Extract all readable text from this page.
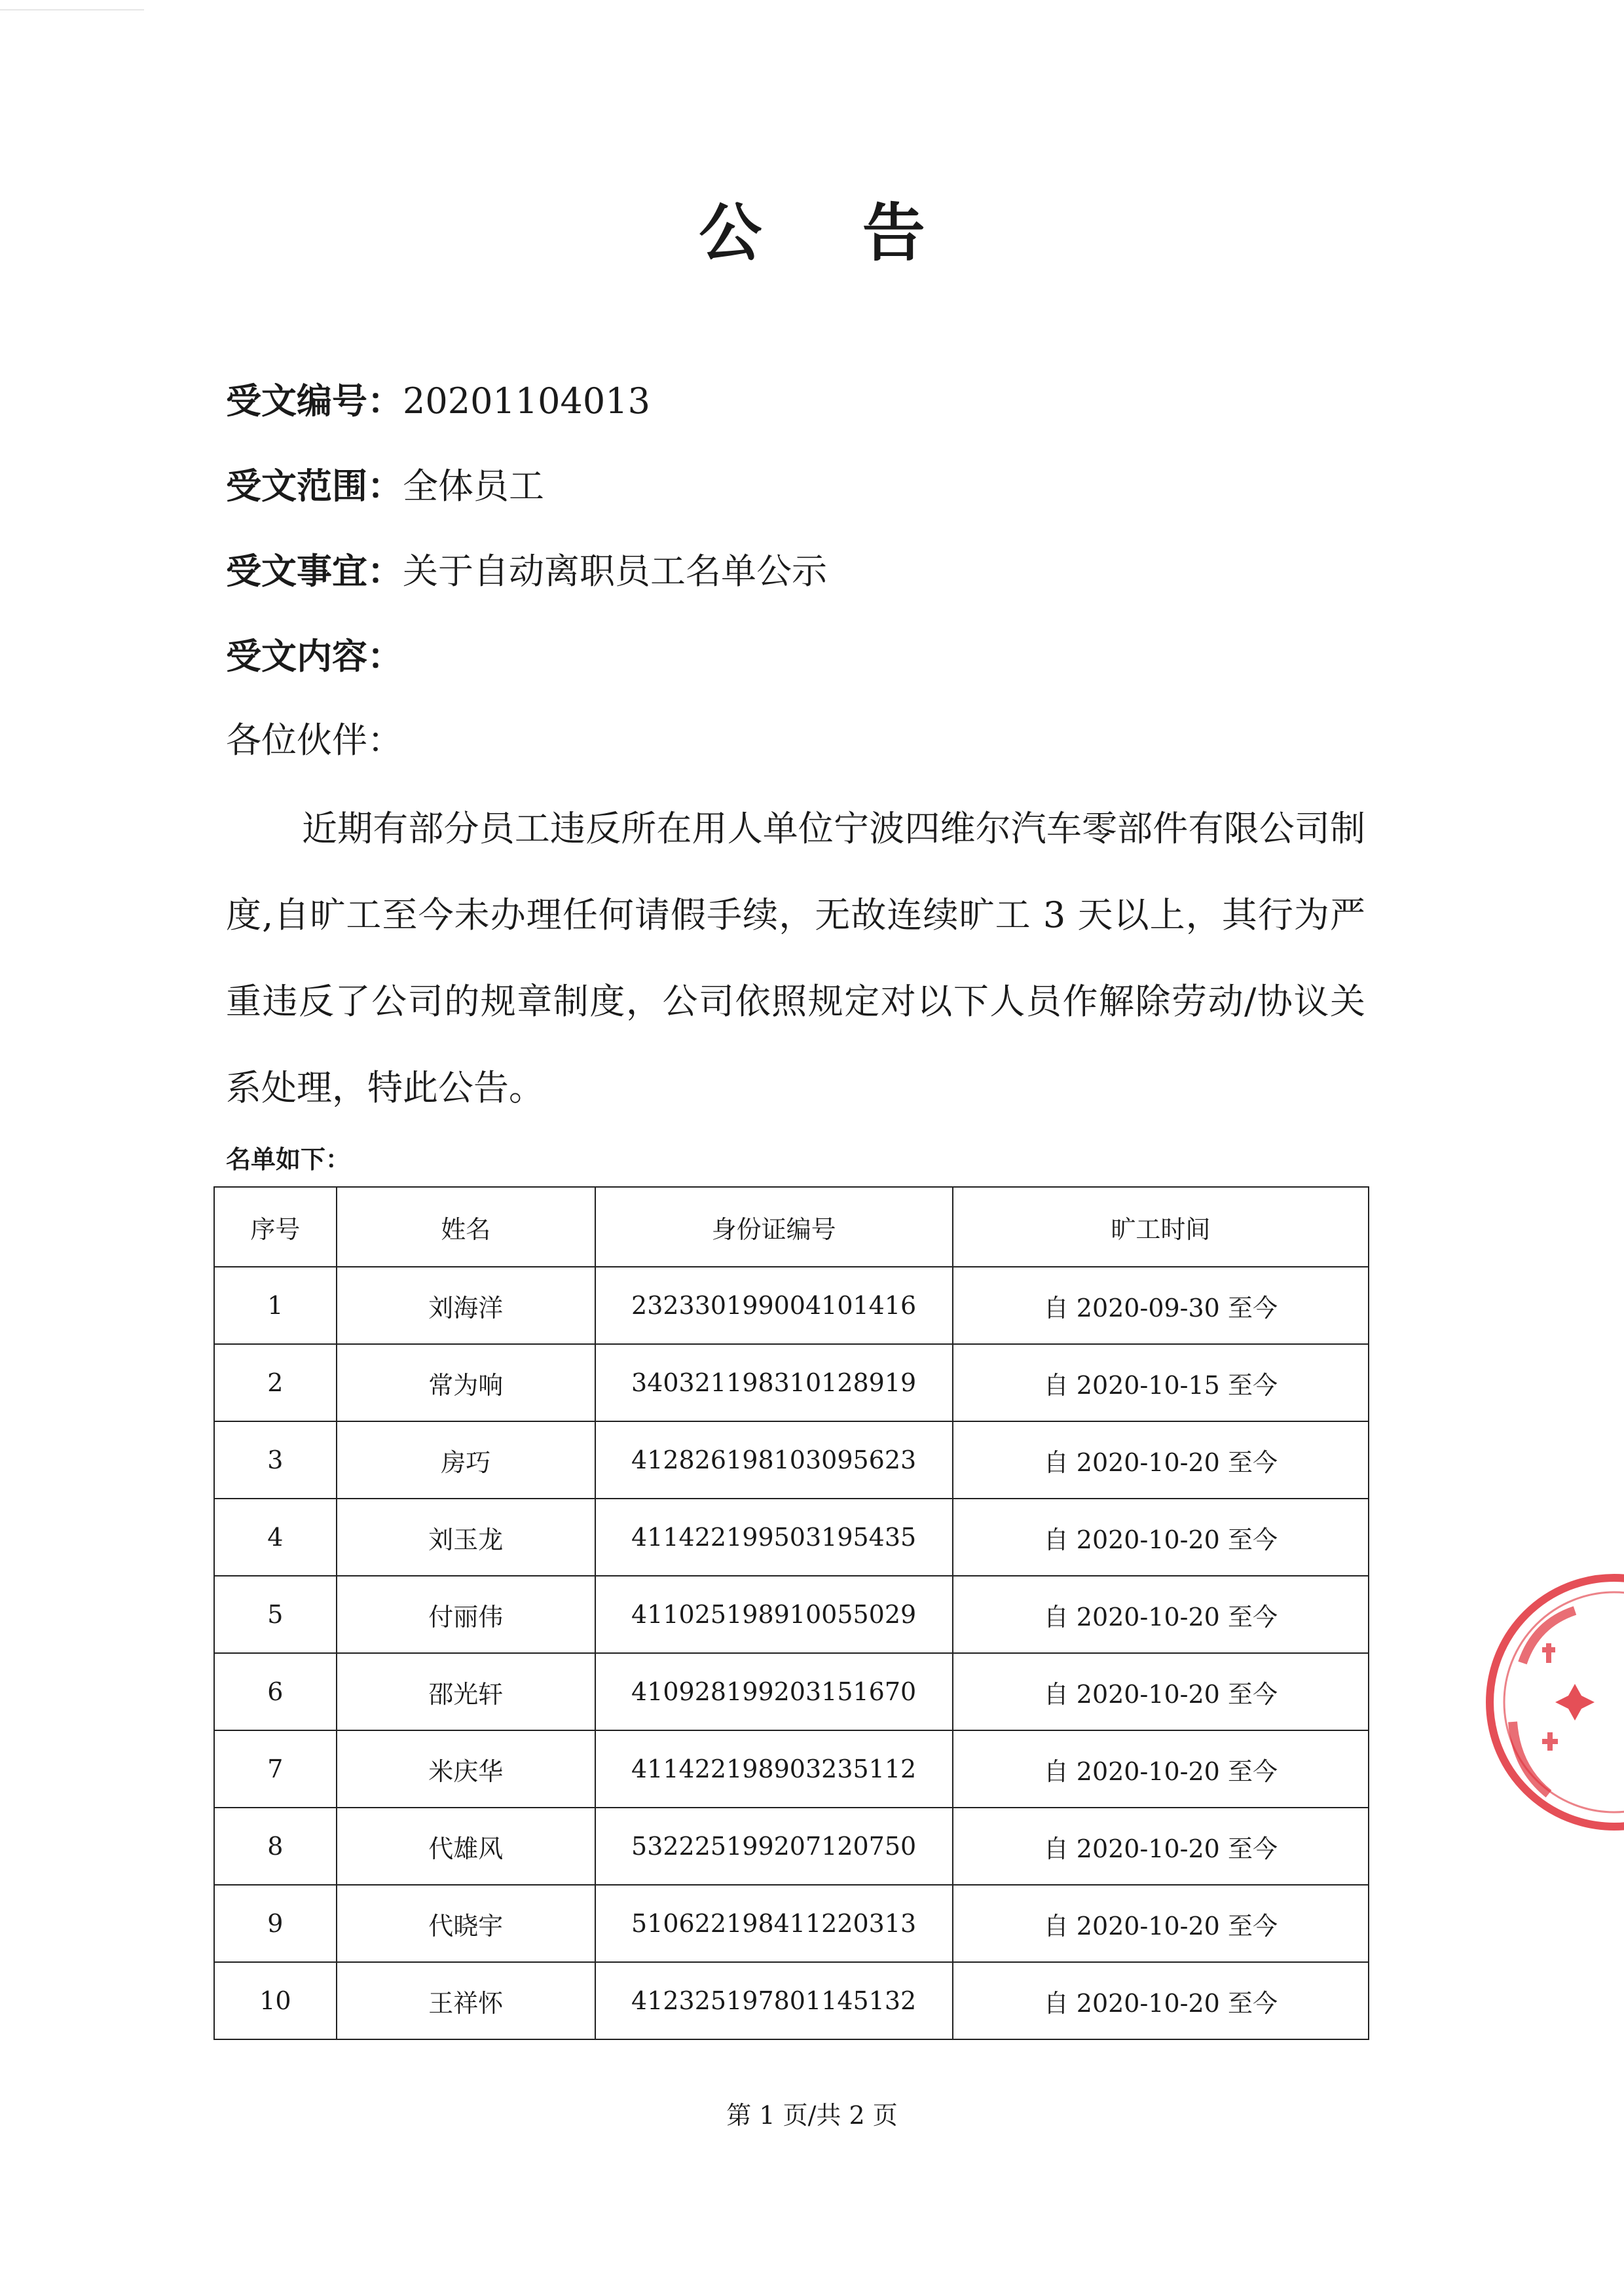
公 告
受文编号：20201104013
受文范围：全体员工
受文事宜：关于自动离职员工名单公示
受文内容：
各位伙伴：
近期有部分员工违反所在用人单位宁波四维尔汽车零部件有限公司制度,自旷工至今未办理任何请假手续，无故连续旷工 3 天以上，其行为严重违反了公司的规章制度，公司依照规定对以下人员作解除劳动/协议关系处理，特此公告。
名单如下：
序号	姓名	身份证编号	旷工时间
1	刘海洋	232330199004101416	自 2020-09-30 至今
2	常为响	340321198310128919	自 2020-10-15 至今
3	房巧	412826198103095623	自 2020-10-20 至今
4	刘玉龙	411422199503195435	自 2020-10-20 至今
5	付丽伟	411025198910055029	自 2020-10-20 至今
6	邵光轩	410928199203151670	自 2020-10-20 至今
7	米庆华	411422198903235112	自 2020-10-20 至今
8	代雄风	532225199207120750	自 2020-10-20 至今
9	代晓宇	510622198411220313	自 2020-10-20 至今
10	王祥怀	412325197801145132	自 2020-10-20 至今
第 1 页/共 2 页
